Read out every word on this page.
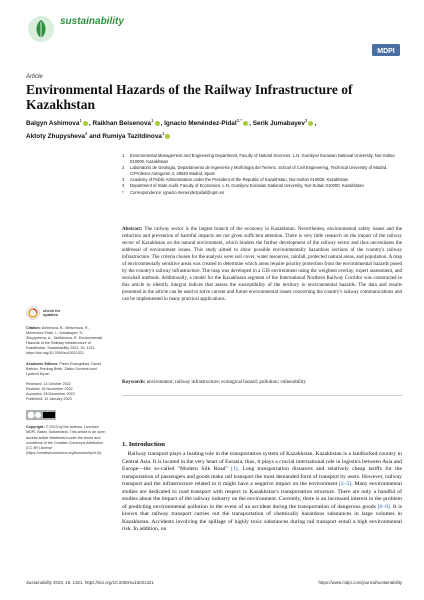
sustainability
MDPI
Article
Environmental Hazards of the Railway Infrastructure of Kazakhstan
Balgyn Ashimova$^1$ , Raikhan Beisenova$^1$ , Ignacio Menéndez-Pidal$^{2,*}$ , Serik Jumabayev$^3$ ,
Aktoty Zhupysheva$^4$ and Rumiya Tazitdinova$^1$
1	Environmental Management and Engineering Department, Faculty of Natural Sciences, L.N. Gumilyov Eurasian National University, Nur-Sultan 010000, Kazakhstan
2	Laboratorio de Geología, Departamento de Ingeniería y Morfología del Terreno, School of Civil Engineering, Technical University of Madrid, C/Profesor Aranguren 3, 28040 Madrid, Spain
3	Academy of Public Administration under the President of the Republic of Kazakhstan, Nur-Sultan 010000, Kazakhstan
4	Department of State Audit, Faculty of Economics, L.N. Gumilyov Eurasian National University, Nur-Sultan 010000, Kazakhstan
*	Correspondence: ignacio.menendezpidal@upm.es
Abstract: The railway sector is the largest branch of the economy in Kazakhstan. Nevertheless, environmental safety issues and the reduction and prevention of harmful impacts are not given sufficient attention. There is very little research on the impact of the railway sector of Kazakhstan on the natural environment, which hinders the further development of the railway sector and thus necessitates the addressal of environment issues. This study aimed to show possible environmentally hazardous sections of the country's railway infrastructure. The criteria chosen for the analysis were soil cover, water resources, rainfall, protected natural areas, and population. A map of environmentally sensitive areas was created to determine which areas require priority protection from the environmental hazards posed by the country's railway infrastructure. The map was developed in a GIS environment using the weighted overlay, expert assessment, and snowball methods. Additionally, a model for the Kazakhstan segment of the International Northern Railway Corridor was constructed in this article to identify integral indices that assess the susceptibility of the territory to environmental hazards. The data and results presented in the article can be used to solve current and future environmental issues concerning the country's railway communications and can be implemented in many practical applications.
Keywords: environment; railway infrastructure; ecological hazard; pollution; vulnerability
check for
updates
Citation: Ashimova, B.; Beisenova, R.; Menéndez-Pidal, I.; Jumabayev, S.; Zhupysheva, A.; Tazitdinova, R. Environmental Hazards of the Railway Infrastructure of Kazakhstan. Sustainability 2023, 15, 1321. https://doi.org/10.3390/su15021321
Academic Editors: Pietro Evangelista, David Beltrán, Predrag Brlek, Zlatko Sovreski and Ljudevit Krpan
Received: 14 October 2022
Revised: 18 November 2022
Accepted: 28 December 2022
Published: 10 January 2023
Copyright: © 2023 by the authors. Licensee MDPI, Basel, Switzerland. This article is an open access article distributed under the terms and conditions of the Creative Commons Attribution (CC BY) license (https://creativecommons.org/licenses/by/4.0/).
1. Introduction
 Railway transport plays a leading role in the transportation system of Kazakhstan. Kazakhstan is a landlocked country in Central Asia. It is located in the very heart of Eurasia; thus, it plays a crucial international role in logistics between Asia and Europe—the so-called "Modern Silk Road" [1]. Long transportation distances and relatively cheap tariffs for the transportation of passengers and goods make rail transport the most demanded form of transport by users. However, railway transport and the infrastructure related to it might have a negative impact on the environment [2–5]. Many environmental studies are dedicated to road transport with respect to Kazakhstan's transportation structure. There are only a handful of studies about the impact of the railway industry on the environment. Currently, there is an increased interest in the problem of predicting environmental pollution in the event of an accident during the transportation of dangerous goods [6–8]. It is known that railway transport carries out the transportation of chemically hazardous substances in large volumes in Kazakhstan. Accidents involving the spillage of highly toxic substances during rail transport entail a high environmental risk. In addition, on
Sustainability 2023, 15, 1321. https://doi.org/10.3390/su15021321	https://www.mdpi.com/journal/sustainability
